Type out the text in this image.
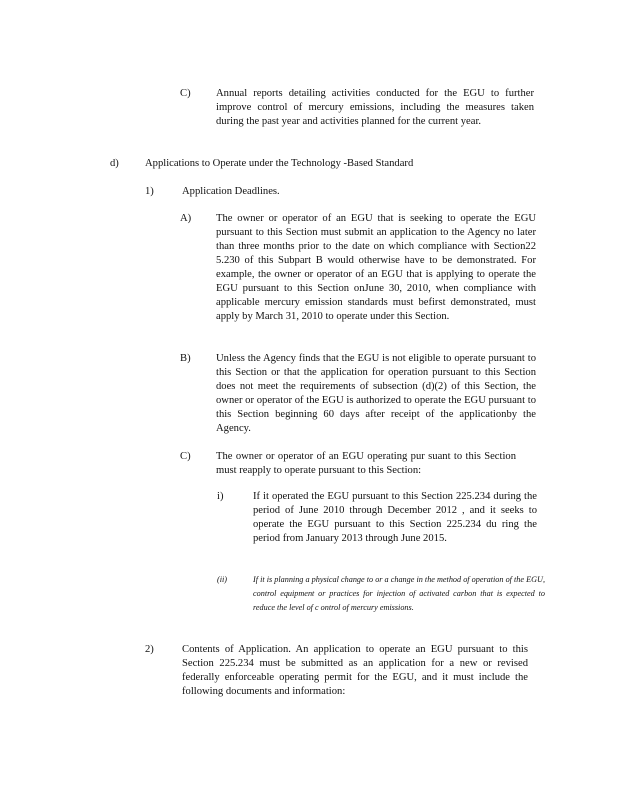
C)	Annual reports detailing activities conducted for the EGU to further improve control of mercury emissions, including the measures taken during the past year and activities planned for the current year.
d)	Applications to Operate under the Technology -Based Standard
1)	Application Deadlines.
A)	The owner or operator of an EGU that is seeking to operate the EGU pursuant to this Section must submit an application to the Agency no later than three months prior to the date on which compliance with Section22 5.230 of this Subpart B would otherwise have to be demonstrated. For example, the owner or operator of an EGU that is applying to operate the EGU pursuant to this Section onJune 30, 2010, when compliance with applicable mercury emission standards must befirst demonstrated, must apply by March 31, 2010 to operate under this Section.
B)	Unless the Agency finds that the EGU is not eligible to operate pursuant to this Section or that the application for operation pursuant to this Section does not meet the requirements of subsection (d)(2) of this Section, the owner or operator of the EGU is authorized to operate the EGU pursuant to this Section beginning 60 days after receipt of the applicationby the Agency.
C)	The owner or operator of an EGU operating pur suant to this Section must reapply to operate pursuant to this Section:
i)	If it operated the EGU pursuant to this Section 225.234 during the period of June 2010 through December 2012 , and it seeks to operate the EGU pursuant to this Section 225.234 du ring the period from January 2013 through June 2015.
(ii)	If it is planning a physical change to or a change in the method of operation of the EGU, control equipment or practices for injection of activated carbon that is expected to reduce the level of c ontrol of mercury emissions.
2)	Contents of Application. An application to operate an EGU pursuant to this Section 225.234 must be submitted as an application for a new or revised federally enforceable operating permit for the EGU, and it must include the following documents and information:
